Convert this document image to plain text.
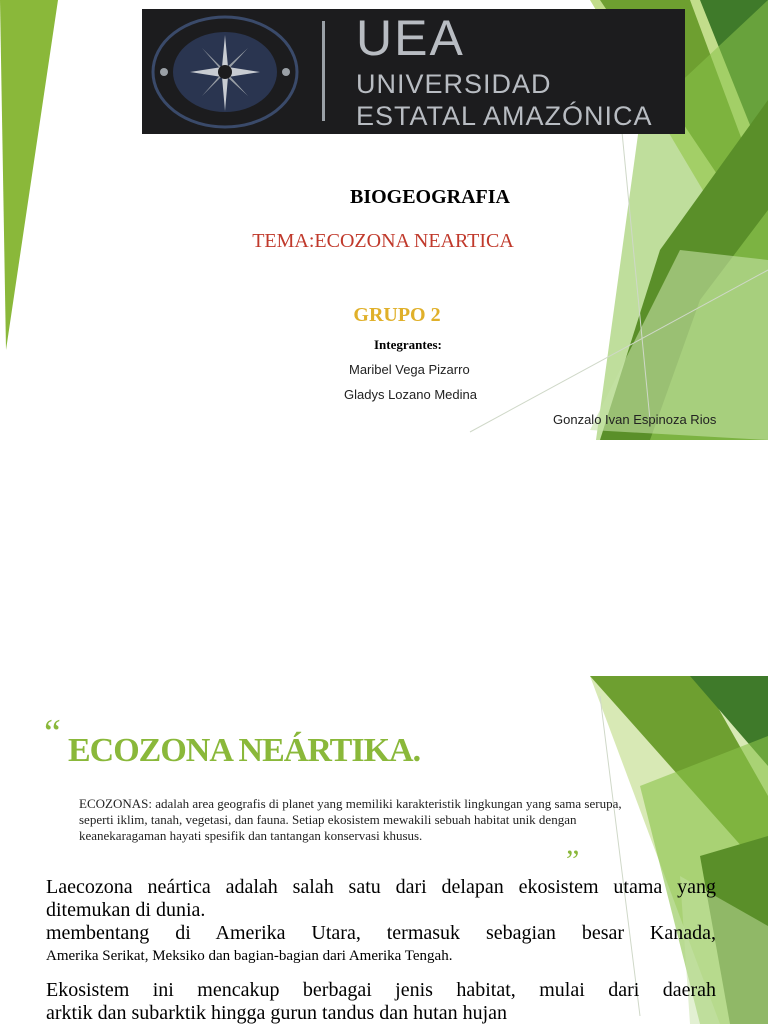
UEA
UNIVERSIDAD
ESTATAL AMAZÓNICA
BIOGEOGRAFIA
TEMA:ECOZONA NEARTICA
GRUPO 2
Integrantes:
Maribel Vega Pizarro
Gladys Lozano Medina
Gonzalo Ivan Espinoza Rios
“ ECOZONA NEÁRTIKA.

ECOZONAS: adalah area geografis di planet yang memiliki karakteristik lingkungan yang sama serupa, seperti iklim, tanah, vegetasi, dan fauna. Setiap ekosistem mewakili sebuah habitat unik dengan keanekaragaman hayati spesifik dan tantangan konservasi khusus.

”

Laecozona neártica adalah salah satu dari delapan ekosistem utama yang

ditemukan di dunia.

membentang di Amerika Utara, termasuk sebagian besar Kanada,

Amerika Serikat, Meksiko dan bagian-bagian dari Amerika Tengah.

Ekosistem ini mencakup berbagai jenis habitat, mulai dari daerah

arktik dan subarktik hingga gurun tandus dan hutan hujan
